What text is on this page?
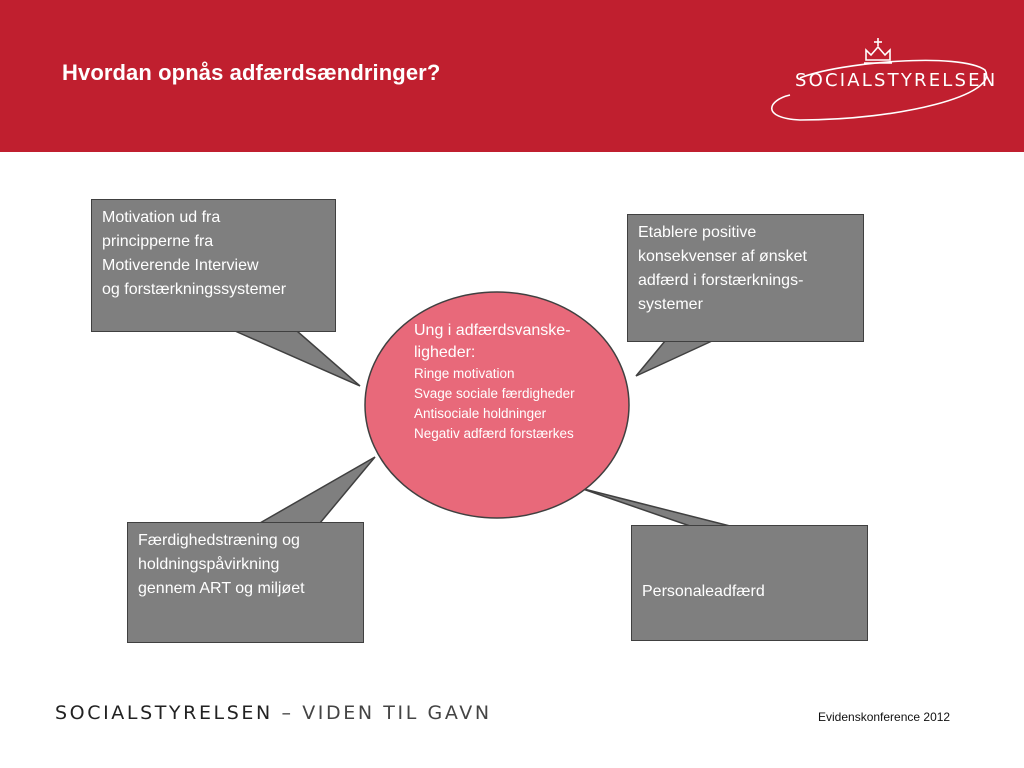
Hvordan opnås adfærdsændringer?	SOCIALSTYRELSEN
Motivation ud fra
principperne fra
Motiverende Interview
og forstærkningssystemer
Etablere positive
konsekvenser af ønsket
adfærd i forstærknings-
systemer
Færdighedstræning og
holdningspåvirkning
gennem ART og miljøet	Personaleadfærd
Ung i adfærdsvanske-
ligheder:
Ringe motivation
Svage sociale færdigheder
Antisociale holdninger
Negativ adfærd forstærkes
SOCIALSTYRELSEN – VIDEN TIL GAVN	Evidenskonference 2012
